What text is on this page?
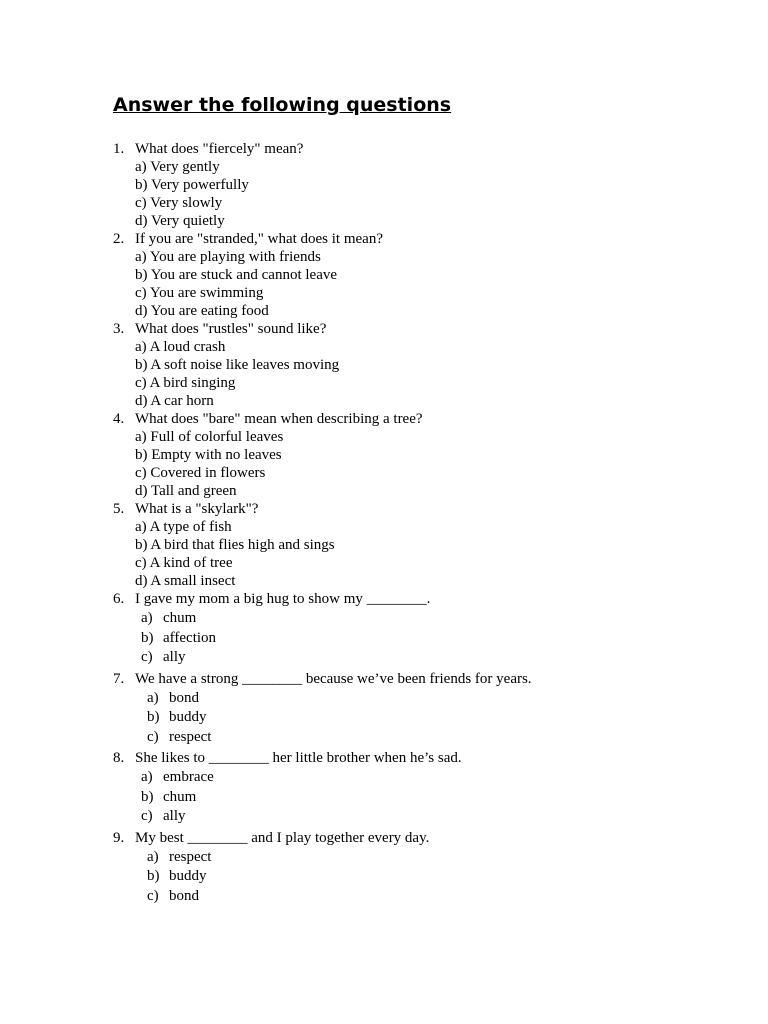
Answer the following questions
1. What does "fiercely" mean?
a) Very gently
b) Very powerfully
c) Very slowly
d) Very quietly
2. If you are "stranded," what does it mean?
a) You are playing with friends
b) You are stuck and cannot leave
c) You are swimming
d) You are eating food
3. What does "rustles" sound like?
a) A loud crash
b) A soft noise like leaves moving
c) A bird singing
d) A car horn
4. What does "bare" mean when describing a tree?
a) Full of colorful leaves
b) Empty with no leaves
c) Covered in flowers
d) Tall and green
5. What is a "skylark"?
a) A type of fish
b) A bird that flies high and sings
c) A kind of tree
d) A small insect
6. I gave my mom a big hug to show my ________.
a) chum
b) affection
c) ally
7. We have a strong ________ because we’ve been friends for years.
a) bond
b) buddy
c) respect
8. She likes to ________ her little brother when he’s sad.
a) embrace
b) chum
c) ally
9. My best ________ and I play together every day.
a) respect
b) buddy
c) bond
